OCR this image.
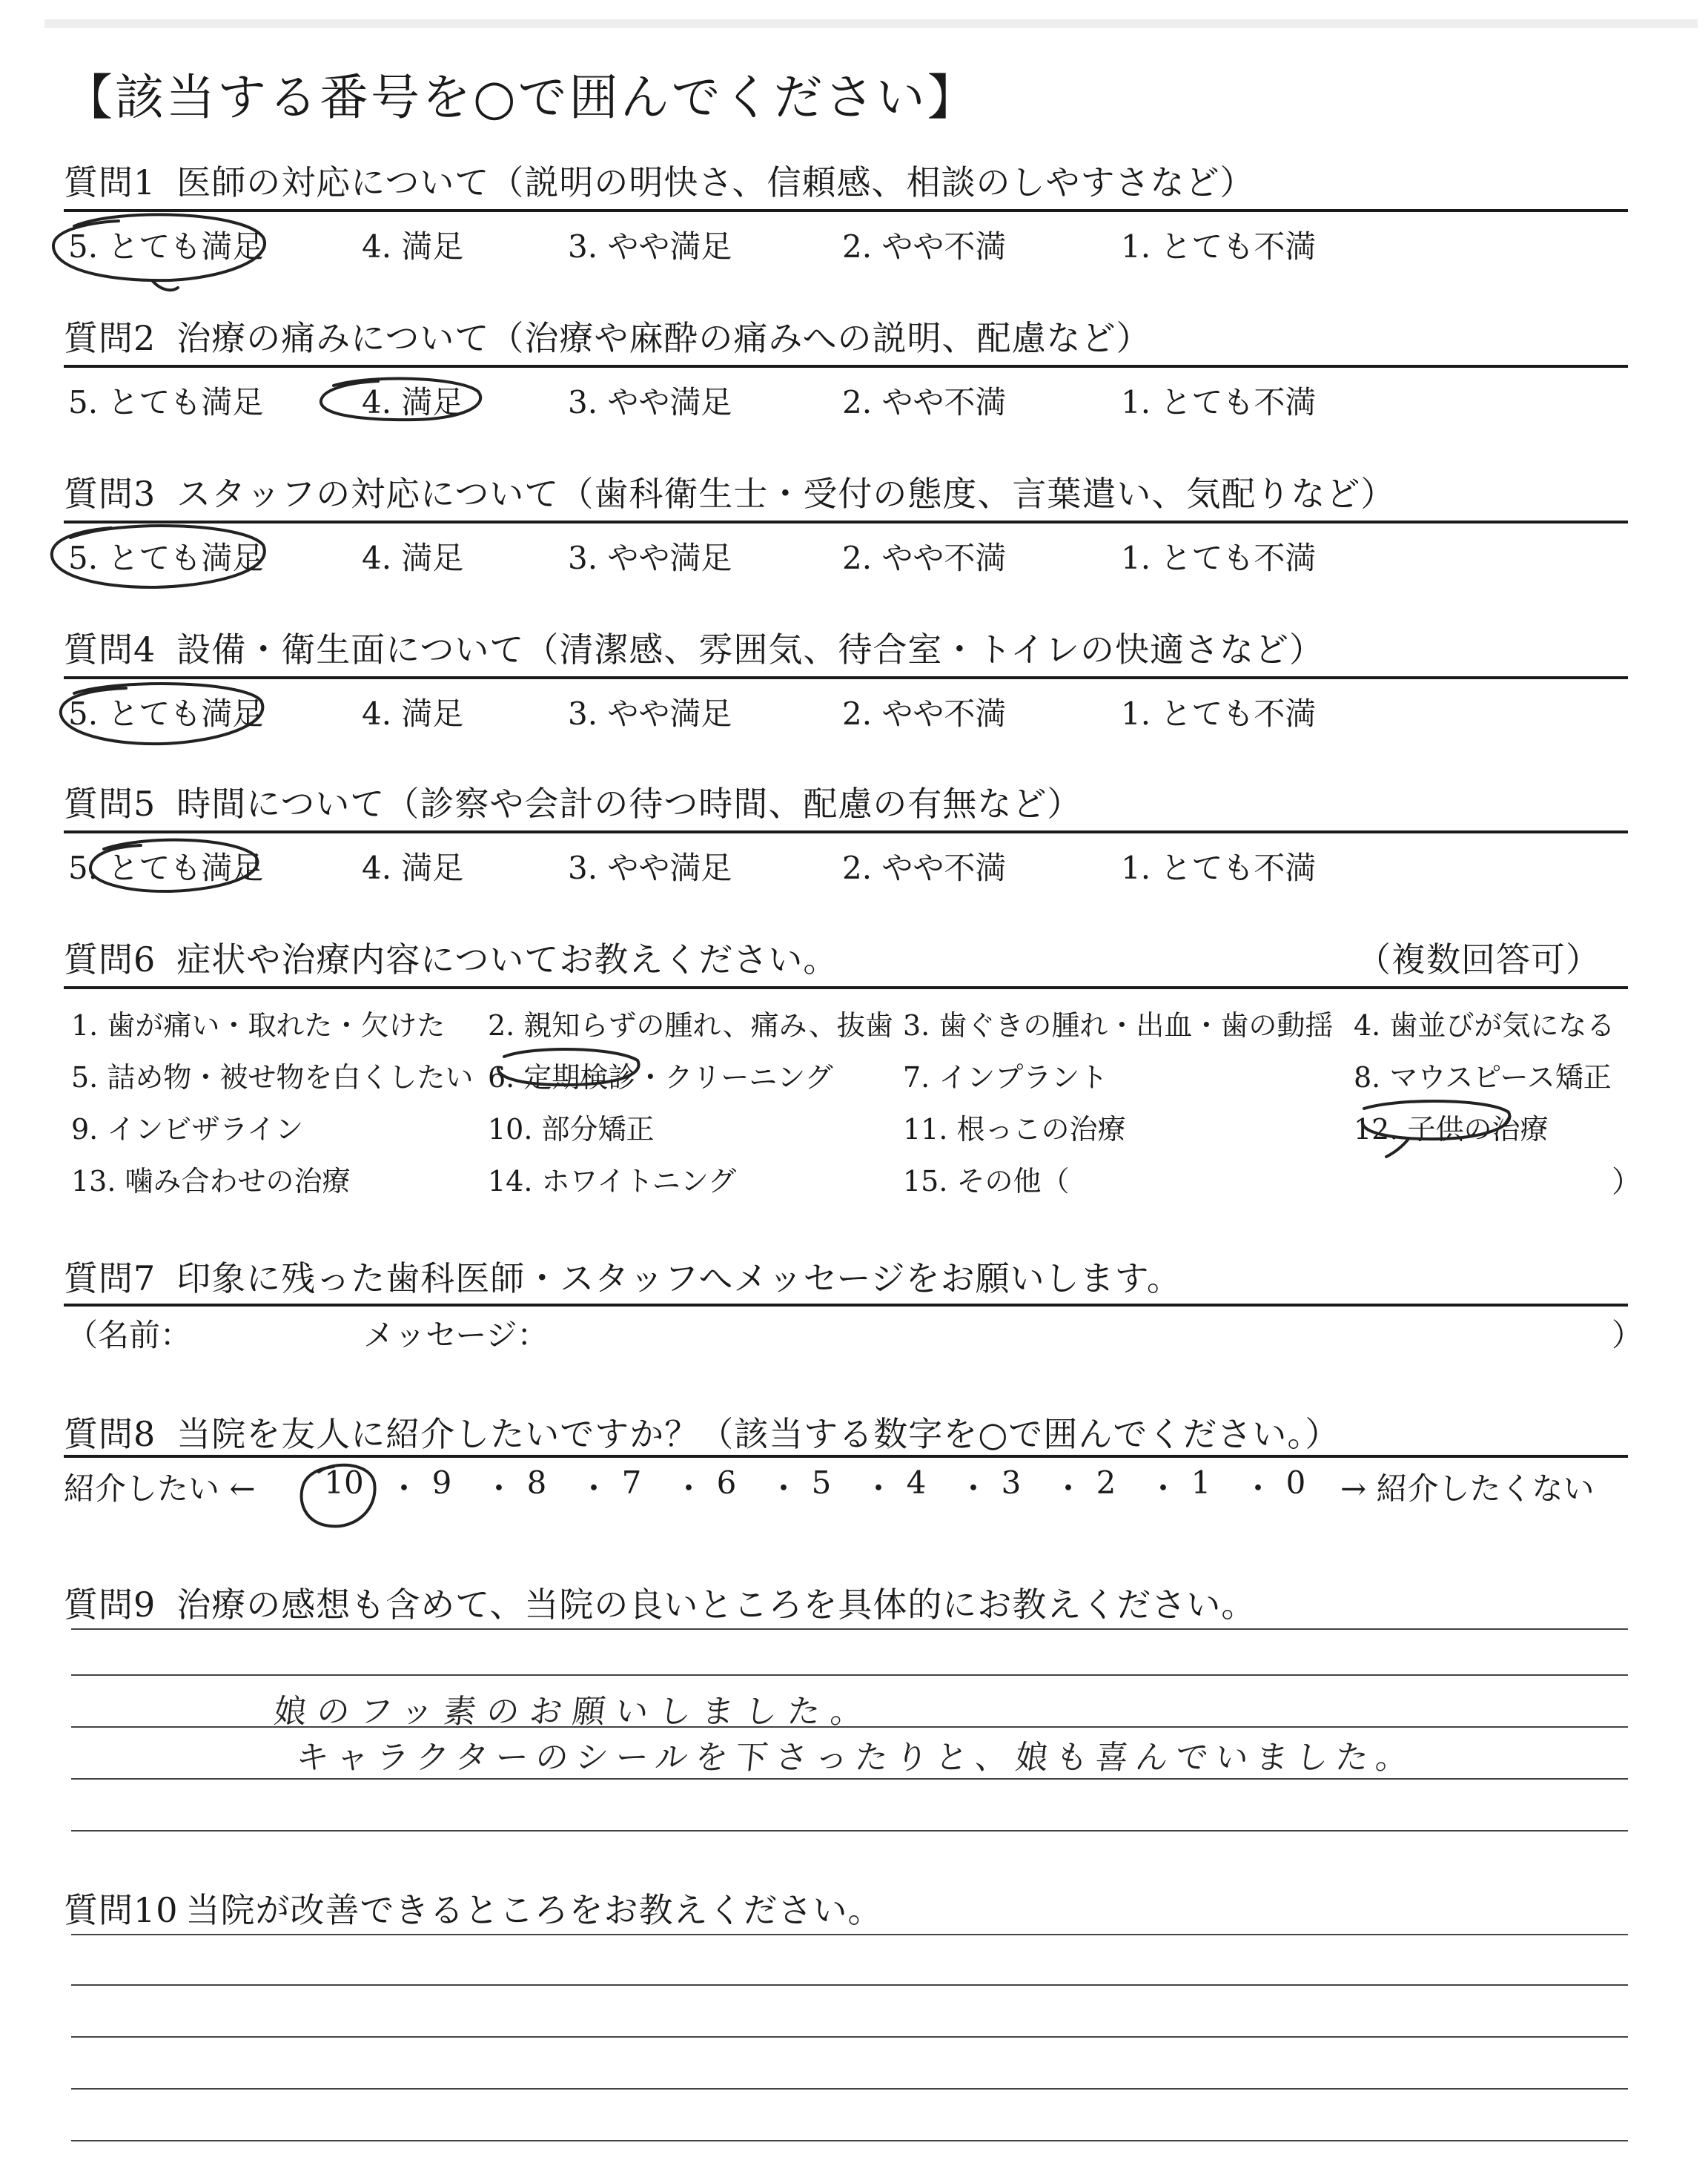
【該当する番号を○で囲んでください】
質問1 医師の対応について（説明の明快さ、信頼感、相談のしやすさなど）
5. とても満足	4. 満足	3. やや満足	2. やや不満	1. とても不満
質問2 治療の痛みについて（治療や麻酔の痛みへの説明、配慮など）
5. とても満足	4. 満足	3. やや満足	2. やや不満	1. とても不満
質問3 スタッフの対応について（歯科衛生士・受付の態度、言葉遣い、気配りなど）
5. とても満足	4. 満足	3. やや満足	2. やや不満	1. とても不満
質問4 設備・衛生面について（清潔感、雰囲気、待合室・トイレの快適さなど）
5. とても満足	4. 満足	3. やや満足	2. やや不満	1. とても不満
質問5 時間について（診察や会計の待つ時間、配慮の有無など）
5. とても満足	4. 満足	3. やや満足	2. やや不満	1. とても不満
質問6 症状や治療内容についてお教えください。	（複数回答可）
1. 歯が痛い・取れた・欠けた 2. 親知らずの腫れ、痛み、抜歯 3. 歯ぐきの腫れ・出血・歯の動揺 4. 歯並びが気になる
5. 詰め物・被せ物を白くしたい 6. 定期検診・クリーニング 7. インプラント	8. マウスピース矯正
9. インビザライン	10. 部分矯正	11. 根っこの治療	12. 子供の治療
13. 噛み合わせの治療	14. ホワイトニング	15. その他（	）
質問7 印象に残った歯科医師・スタッフへメッセージをお願いします。
（名前：	メッセージ：	）
質問8 当院を友人に紹介したいですか？（該当する数字を○で囲んでください。）
紹介したい ← 10 ・ 9	・ 8	・ 7	・ 6	・ 5	・ 4	・ 3	・ 2	・ 1	・ 0	→ 紹介したくない
質問9 治療の感想も含めて、当院の良いところを具体的にお教えください。
娘のフッ素のお願いしました。
キャラクターのシールを下さったりと、娘も喜んでいました。
質問10 当院が改善できるところをお教えください。
